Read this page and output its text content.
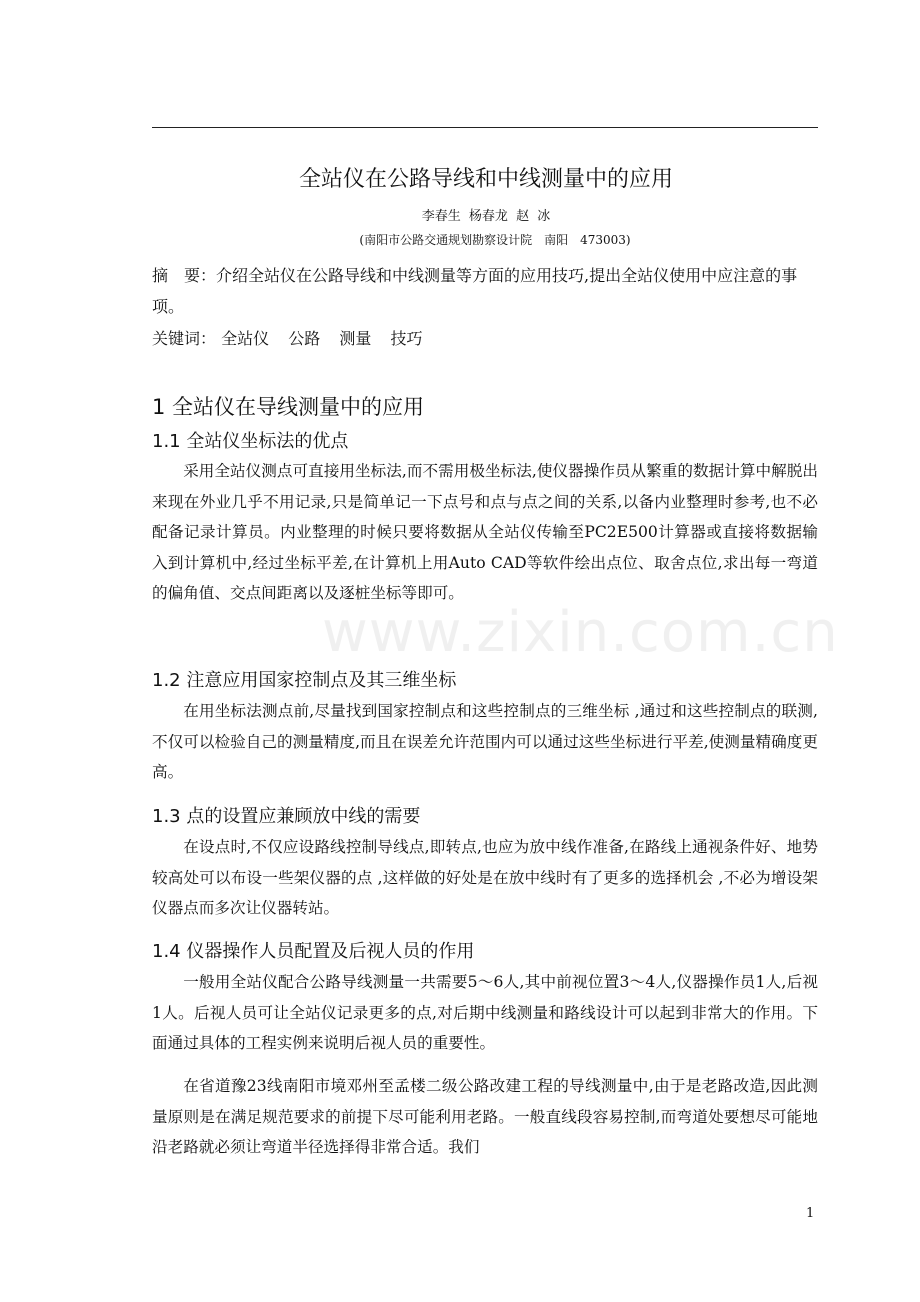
全站仪在公路导线和中线测量中的应用
李春生 杨春龙 赵 冰
(南阳市公路交通规划勘察设计院　南阳　473003)
摘　要：介绍全站仪在公路导线和中线测量等方面的应用技巧,提出全站仪使用中应注意的事项。
关键词： 全站仪 公路 测量 技巧
1 全站仪在导线测量中的应用
1.1 全站仪坐标法的优点

采用全站仪测点可直接用坐标法,而不需用极坐标法,使仪器操作员从繁重的数据计算中解脱出来现在外业几乎不用记录,只是简单记一下点号和点与点之间的关系,以备内业整理时参考,也不必配备记录计算员。内业整理的时候只要将数据从全站仪传输至PC2E500计算器或直接将数据输入到计算机中,经过坐标平差,在计算机上用Auto CAD等软件绘出点位、取舍点位,求出每一弯道的偏角值、交点间距离以及逐桩坐标等即可。

1.2 注意应用国家控制点及其三维坐标

在用坐标法测点前,尽量找到国家控制点和这些控制点的三维坐标 ,通过和这些控制点的联测,不仅可以检验自己的测量精度,而且在误差允许范围内可以通过这些坐标进行平差,使测量精确度更高。

1.3 点的设置应兼顾放中线的需要

在设点时,不仅应设路线控制导线点,即转点,也应为放中线作准备,在路线上通视条件好、地势较高处可以布设一些架仪器的点 ,这样做的好处是在放中线时有了更多的选择机会 ,不必为增设架仪器点而多次让仪器转站。

1.4 仪器操作人员配置及后视人员的作用

一般用全站仪配合公路导线测量一共需要5～6人,其中前视位置3～4人,仪器操作员1人,后视1人。后视人员可让全站仪记录更多的点,对后期中线测量和路线设计可以起到非常大的作用。下面通过具体的工程实例来说明后视人员的重要性。

在省道豫23线南阳市境邓州至孟楼二级公路改建工程的导线测量中,由于是老路改造,因此测量原则是在满足规范要求的前提下尽可能利用老路。一般直线段容易控制,而弯道处要想尽可能地沿老路就必须让弯道半径选择得非常合适。我们

www.zixin.com.cn
1
